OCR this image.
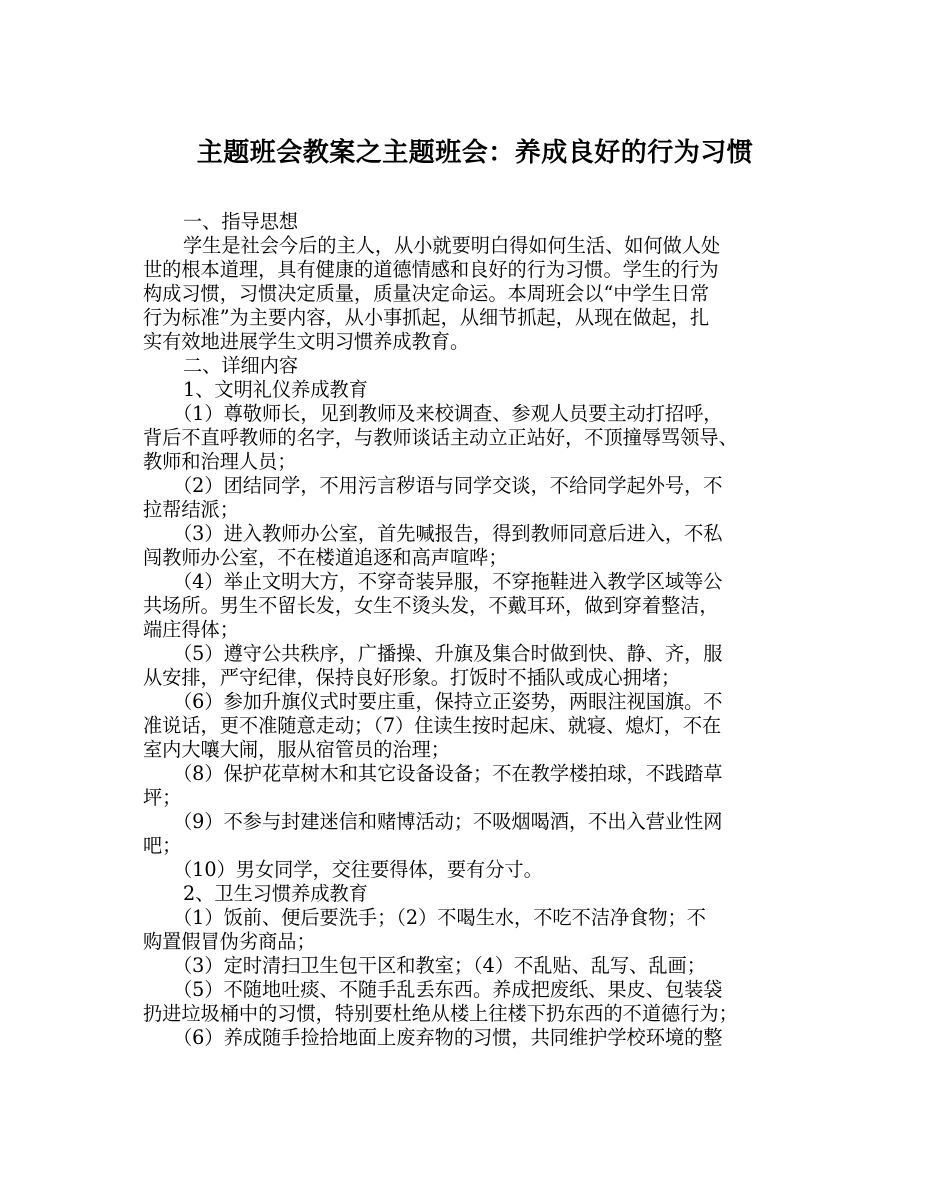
主题班会教案之主题班会：养成良好的行为习惯
一、指导思想
学生是社会今后的主人，从小就要明白得如何生活、如何做人处
世的根本道理，具有健康的道德情感和良好的行为习惯。学生的行为
构成习惯，习惯决定质量，质量决定命运。本周班会以“中学生日常
行为标准”为主要内容，从小事抓起，从细节抓起，从现在做起，扎
实有效地进展学生文明习惯养成教育。
二、详细内容
1、文明礼仪养成教育
（1）尊敬师长，见到教师及来校调查、参观人员要主动打招呼，
背后不直呼教师的名字，与教师谈话主动立正站好，不顶撞辱骂领导、
教师和治理人员；
（2）团结同学，不用污言秽语与同学交谈，不给同学起外号，不
拉帮结派；
（3）进入教师办公室，首先喊报告，得到教师同意后进入，不私
闯教师办公室，不在楼道追逐和高声喧哗；
（4）举止文明大方，不穿奇装异服，不穿拖鞋进入教学区域等公
共场所。男生不留长发，女生不烫头发，不戴耳环，做到穿着整洁，
端庄得体；
（5）遵守公共秩序，广播操、升旗及集合时做到快、静、齐，服
从安排，严守纪律，保持良好形象。打饭时不插队或成心拥堵；
（6）参加升旗仪式时要庄重，保持立正姿势，两眼注视国旗。不
准说话，更不准随意走动；（7）住读生按时起床、就寝、熄灯，不在
室内大嚷大闹，服从宿管员的治理；
（8）保护花草树木和其它设备设备；不在教学楼拍球，不践踏草
坪；
（9）不参与封建迷信和赌博活动；不吸烟喝酒，不出入营业性网
吧；
（10）男女同学，交往要得体，要有分寸。
2、卫生习惯养成教育
（1）饭前、便后要洗手；（2）不喝生水，不吃不洁净食物；不
购置假冒伪劣商品；
（3）定时清扫卫生包干区和教室；（4）不乱贴、乱写、乱画；
（5）不随地吐痰、不随手乱丢东西。养成把废纸、果皮、包装袋
扔进垃圾桶中的习惯，特别要杜绝从楼上往楼下扔东西的不道德行为；
（6）养成随手捡拾地面上废弃物的习惯，共同维护学校环境的整
